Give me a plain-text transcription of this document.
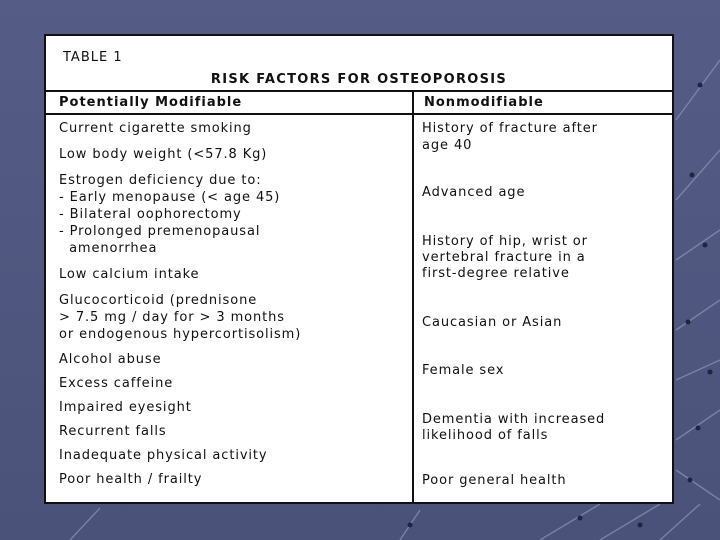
TABLE 1
RISK FACTORS FOR OSTEOPOROSIS
Potentially Modifiable	Nonmodifiable
Current cigarette smoking
Low body weight (<57.8 Kg)
Estrogen deficiency due to:
- Early menopause (< age 45)
- Bilateral oophorectomy
- Prolonged premenopausal
amenorrhea
Low calcium intake
Glucocorticoid (prednisone
> 7.5 mg / day for > 3 months
or endogenous hypercortisolism)
Alcohol abuse
Excess caffeine
Impaired eyesight
Recurrent falls
Inadequate physical activity
Poor health / frailty
History of fracture after
age 40
Advanced age
History of hip, wrist or
vertebral fracture in a
first-degree relative
Caucasian or Asian
Female sex
Dementia with increased
likelihood of falls
Poor general health
